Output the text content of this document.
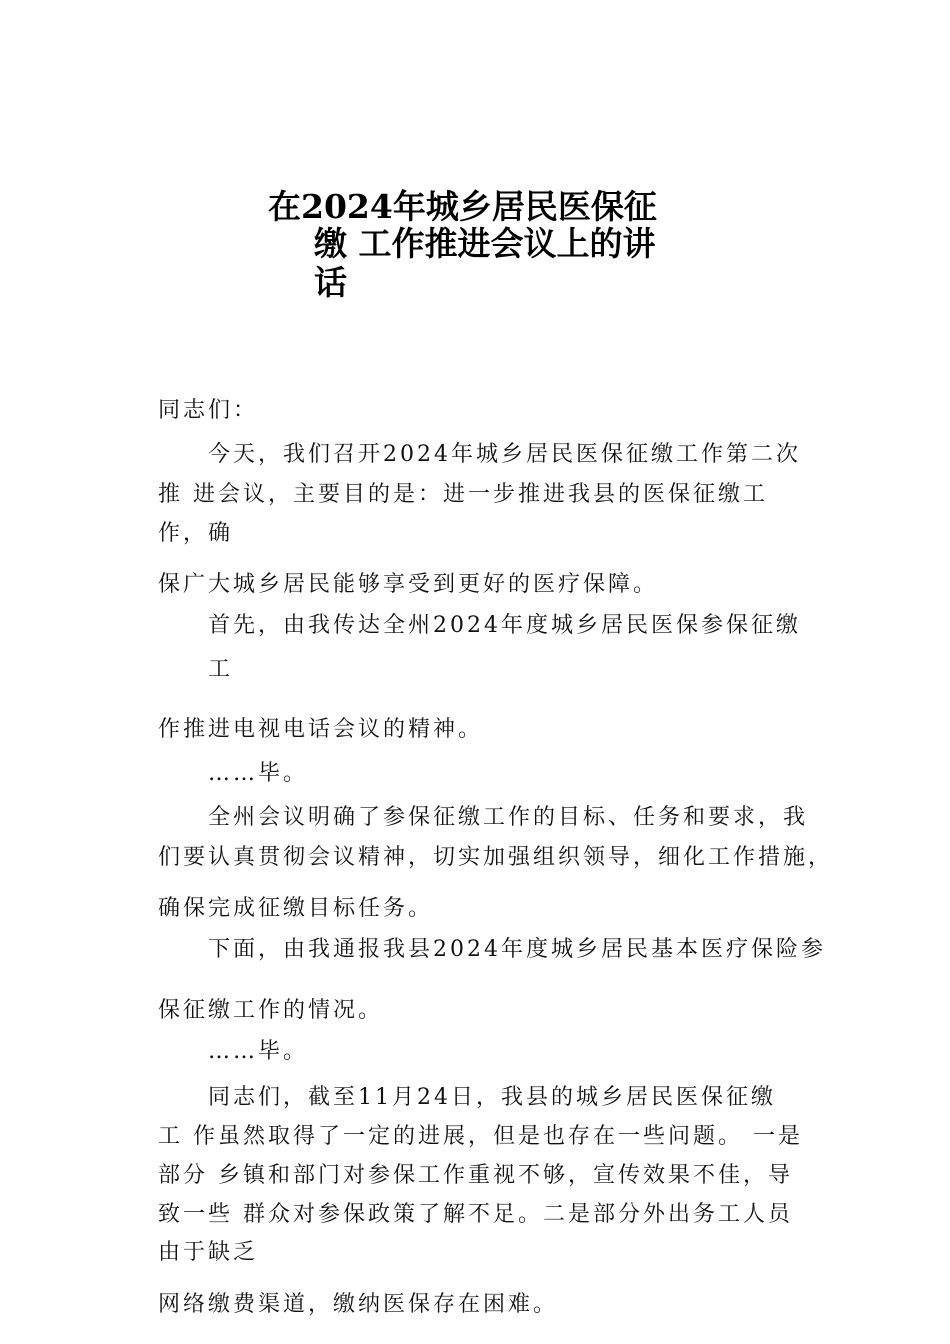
在2024年城乡居民医保征
缴 工作推进会议上的讲
话
同志们：
今天，我们召开2024年城乡居民医保征缴工作第二次
推 进会议，主要目的是：进一步推进我县的医保征缴工
作，确
保广大城乡居民能够享受到更好的医疗保障。
首先，由我传达全州2024年度城乡居民医保参保征缴
工
作推进电视电话会议的精神。
……毕。
全州会议明确了参保征缴工作的目标、任务和要求，我
们要认真贯彻会议精神，切实加强组织领导，细化工作措施，
确保完成征缴目标任务。
下面，由我通报我县2024年度城乡居民基本医疗保险参
保征缴工作的情况。
……毕。
同志们，截至11月24日，我县的城乡居民医保征缴
工 作虽然取得了一定的进展，但是也存在一些问题。 一是
部分 乡镇和部门对参保工作重视不够，宣传效果不佳，导
致一些 群众对参保政策了解不足。二是部分外出务工人员
由于缺乏
网络缴费渠道，缴纳医保存在困难。
